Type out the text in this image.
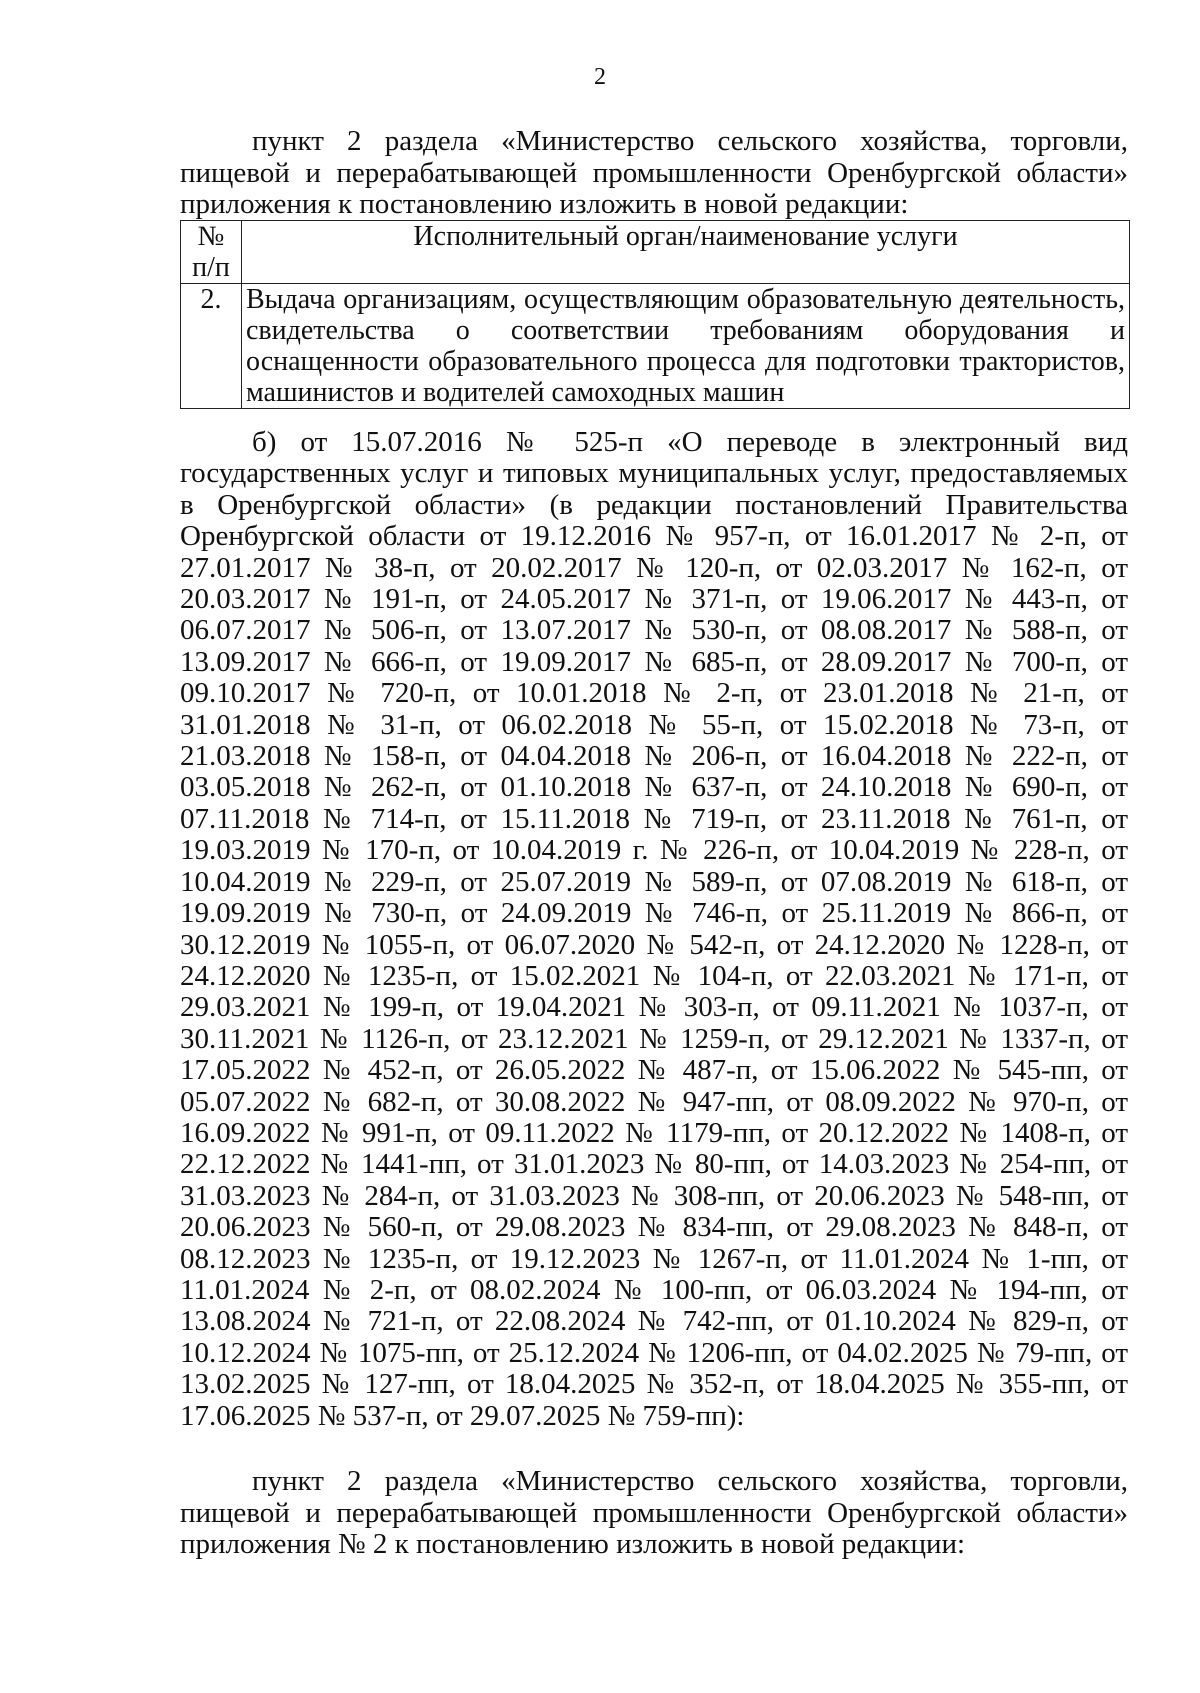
2

пункт 2 раздела «Министерство сельского хозяйства, торговли, пищевой и перерабатывающей промышленности Оренбургской области» приложения к постановлению изложить в новой редакции:

№ п/п	Исполнительный орган/наименование услуги
2.	Выдача организациям, осуществляющим образовательную деятельность, свидетельства о соответствии требованиям оборудования и оснащенности образовательного процесса для подготовки трактористов, машинистов и водителей самоходных машин

б) от 15.07.2016 № 525-п «О переводе в электронный вид государственных услуг и типовых муниципальных услуг, предоставляемых в Оренбургской области» (в редакции постановлений Правительства Оренбургской области от 19.12.2016 № 957-п, от 16.01.2017 № 2-п, от 27.01.2017 № 38-п, от 20.02.2017 № 120-п, от 02.03.2017 № 162-п, от 20.03.2017 № 191-п, от 24.05.2017 № 371-п, от 19.06.2017 № 443-п, от 06.07.2017 № 506-п, от 13.07.2017 № 530-п, от 08.08.2017 № 588-п, от 13.09.2017 № 666-п, от 19.09.2017 № 685-п, от 28.09.2017 № 700-п, от 09.10.2017 № 720-п, от 10.01.2018 № 2-п, от 23.01.2018 № 21-п, от 31.01.2018 № 31-п, от 06.02.2018 № 55-п, от 15.02.2018 № 73-п, от 21.03.2018 № 158-п, от 04.04.2018 № 206-п, от 16.04.2018 № 222-п, от 03.05.2018 № 262-п, от 01.10.2018 № 637-п, от 24.10.2018 № 690-п, от 07.11.2018 № 714-п, от 15.11.2018 № 719-п, от 23.11.2018 № 761-п, от 19.03.2019 № 170-п, от 10.04.2019 г. № 226-п, от 10.04.2019 № 228-п, от 10.04.2019 № 229-п, от 25.07.2019 № 589-п, от 07.08.2019 № 618-п, от 19.09.2019 № 730-п, от 24.09.2019 № 746-п, от 25.11.2019 № 866-п, от 30.12.2019 № 1055-п, от 06.07.2020 № 542-п, от 24.12.2020 № 1228-п, от 24.12.2020 № 1235-п, от 15.02.2021 № 104-п, от 22.03.2021 № 171-п, от 29.03.2021 № 199-п, от 19.04.2021 № 303-п, от 09.11.2021 № 1037-п, от 30.11.2021 № 1126-п, от 23.12.2021 № 1259-п, от 29.12.2021 № 1337-п, от 17.05.2022 № 452-п, от 26.05.2022 № 487-п, от 15.06.2022 № 545-пп, от 05.07.2022 № 682-п, от 30.08.2022 № 947-пп, от 08.09.2022 № 970-п, от 16.09.2022 № 991-п, от 09.11.2022 № 1179-пп, от 20.12.2022 № 1408-п, от 22.12.2022 № 1441-пп, от 31.01.2023 № 80-пп, от 14.03.2023 № 254-пп, от 31.03.2023 № 284-п, от 31.03.2023 № 308-пп, от 20.06.2023 № 548-пп, от 20.06.2023 № 560-п, от 29.08.2023 № 834-пп, от 29.08.2023 № 848-п, от 08.12.2023 № 1235-п, от 19.12.2023 № 1267-п, от 11.01.2024 № 1-пп, от 11.01.2024 № 2-п, от 08.02.2024 № 100-пп, от 06.03.2024 № 194-пп, от 13.08.2024 № 721-п, от 22.08.2024 № 742-пп, от 01.10.2024 № 829-п, от 10.12.2024 № 1075-пп, от 25.12.2024 № 1206-пп, от 04.02.2025 № 79-пп, от 13.02.2025 № 127-пп, от 18.04.2025 № 352-п, от 18.04.2025 № 355-пп, от 17.06.2025 № 537-п, от 29.07.2025 № 759-пп):

пункт 2 раздела «Министерство сельского хозяйства, торговли, пищевой и перерабатывающей промышленности Оренбургской области» приложения № 2 к постановлению изложить в новой редакции:
